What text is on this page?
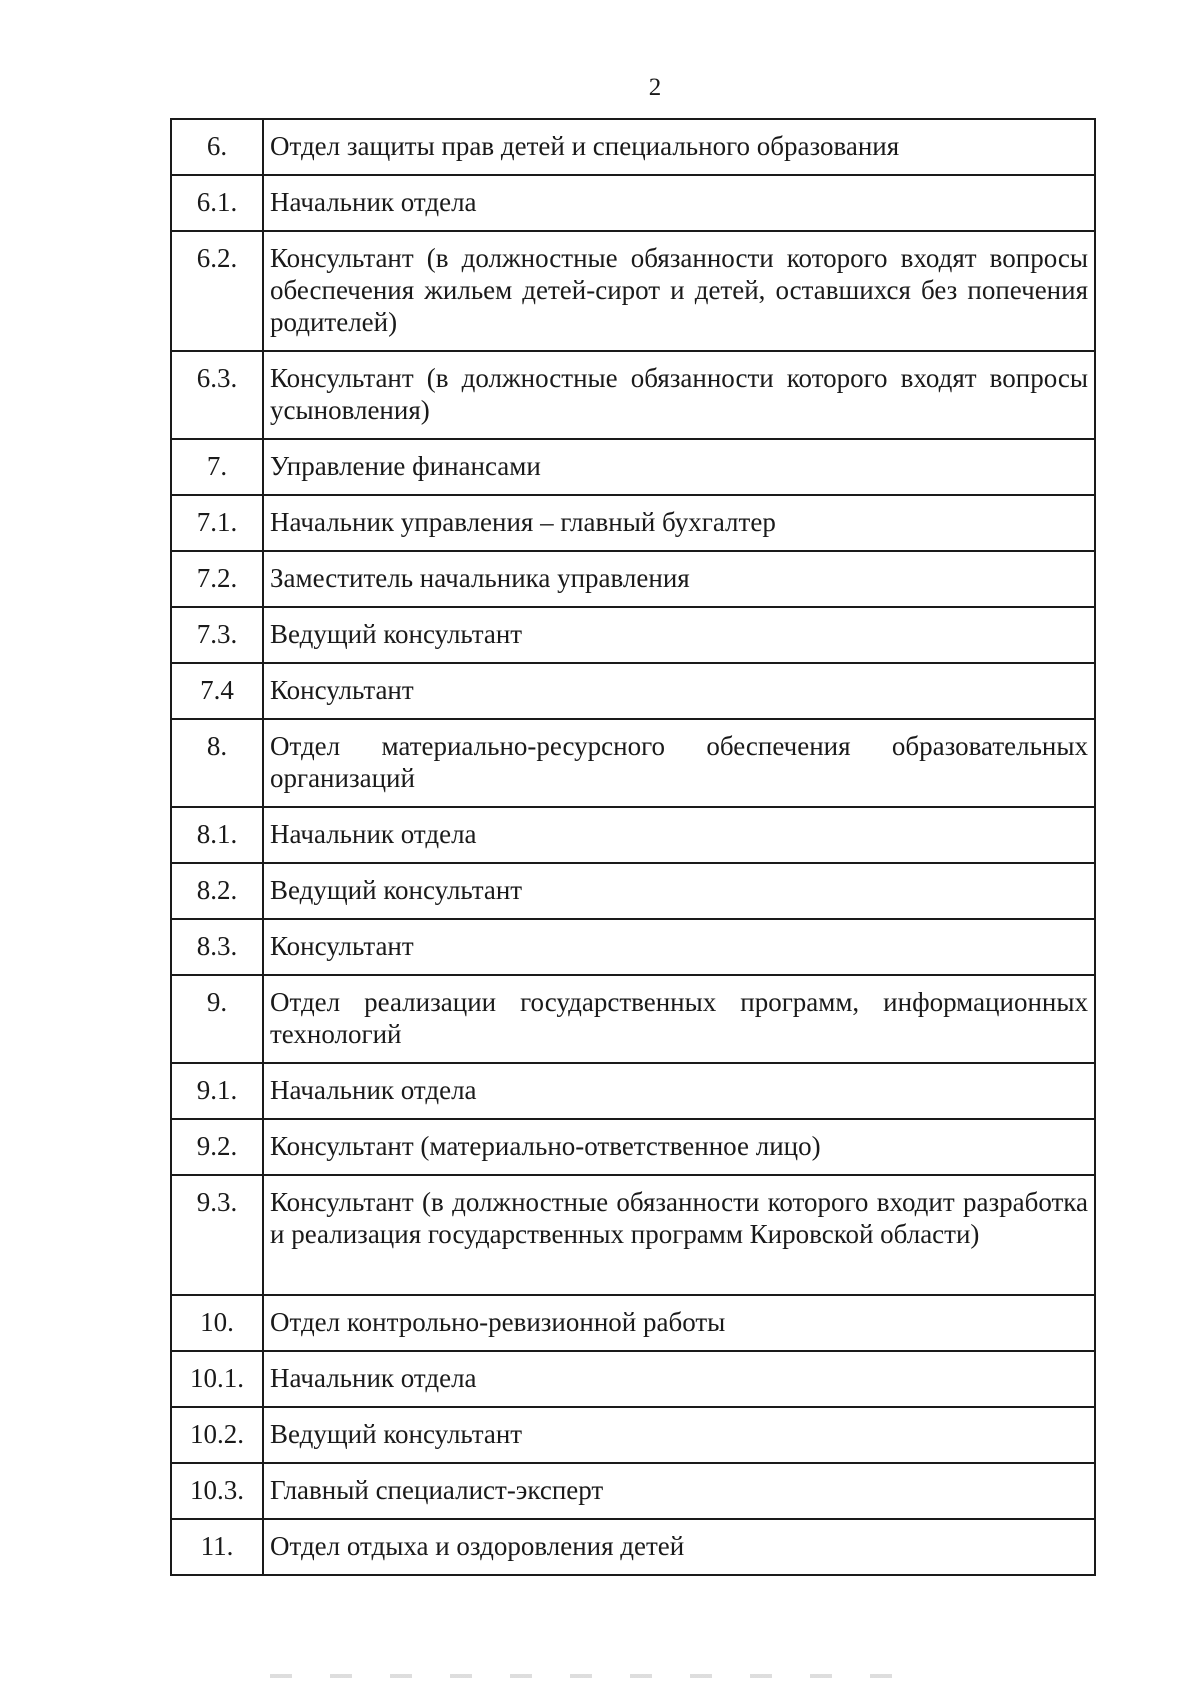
2
6.	Отдел защиты прав детей и специального образования
6.1.	Начальник отдела
6.2.	Консультант (в должностные обязанности которого входят вопросы обеспечения жильем детей-сирот и детей, оставшихся без попечения родителей)
6.3.	Консультант (в должностные обязанности которого входят вопросы усыновления)
7.	Управление финансами
7.1.	Начальник управления – главный бухгалтер
7.2.	Заместитель начальника управления
7.3.	Ведущий консультант
7.4	Консультант
8.	Отдел материально-ресурсного обеспечения образовательных организаций
8.1.	Начальник отдела
8.2.	Ведущий консультант
8.3.	Консультант
9.	Отдел реализации государственных программ, информационных технологий
9.1.	Начальник отдела
9.2.	Консультант (материально-ответственное лицо)
9.3.	Консультант (в должностные обязанности которого входит разработка и реализация государственных программ Кировской области)
10.	Отдел контрольно-ревизионной работы
10.1.	Начальник отдела
10.2.	Ведущий консультант
10.3.	Главный специалист-эксперт
11.	Отдел отдыха и оздоровления детей
